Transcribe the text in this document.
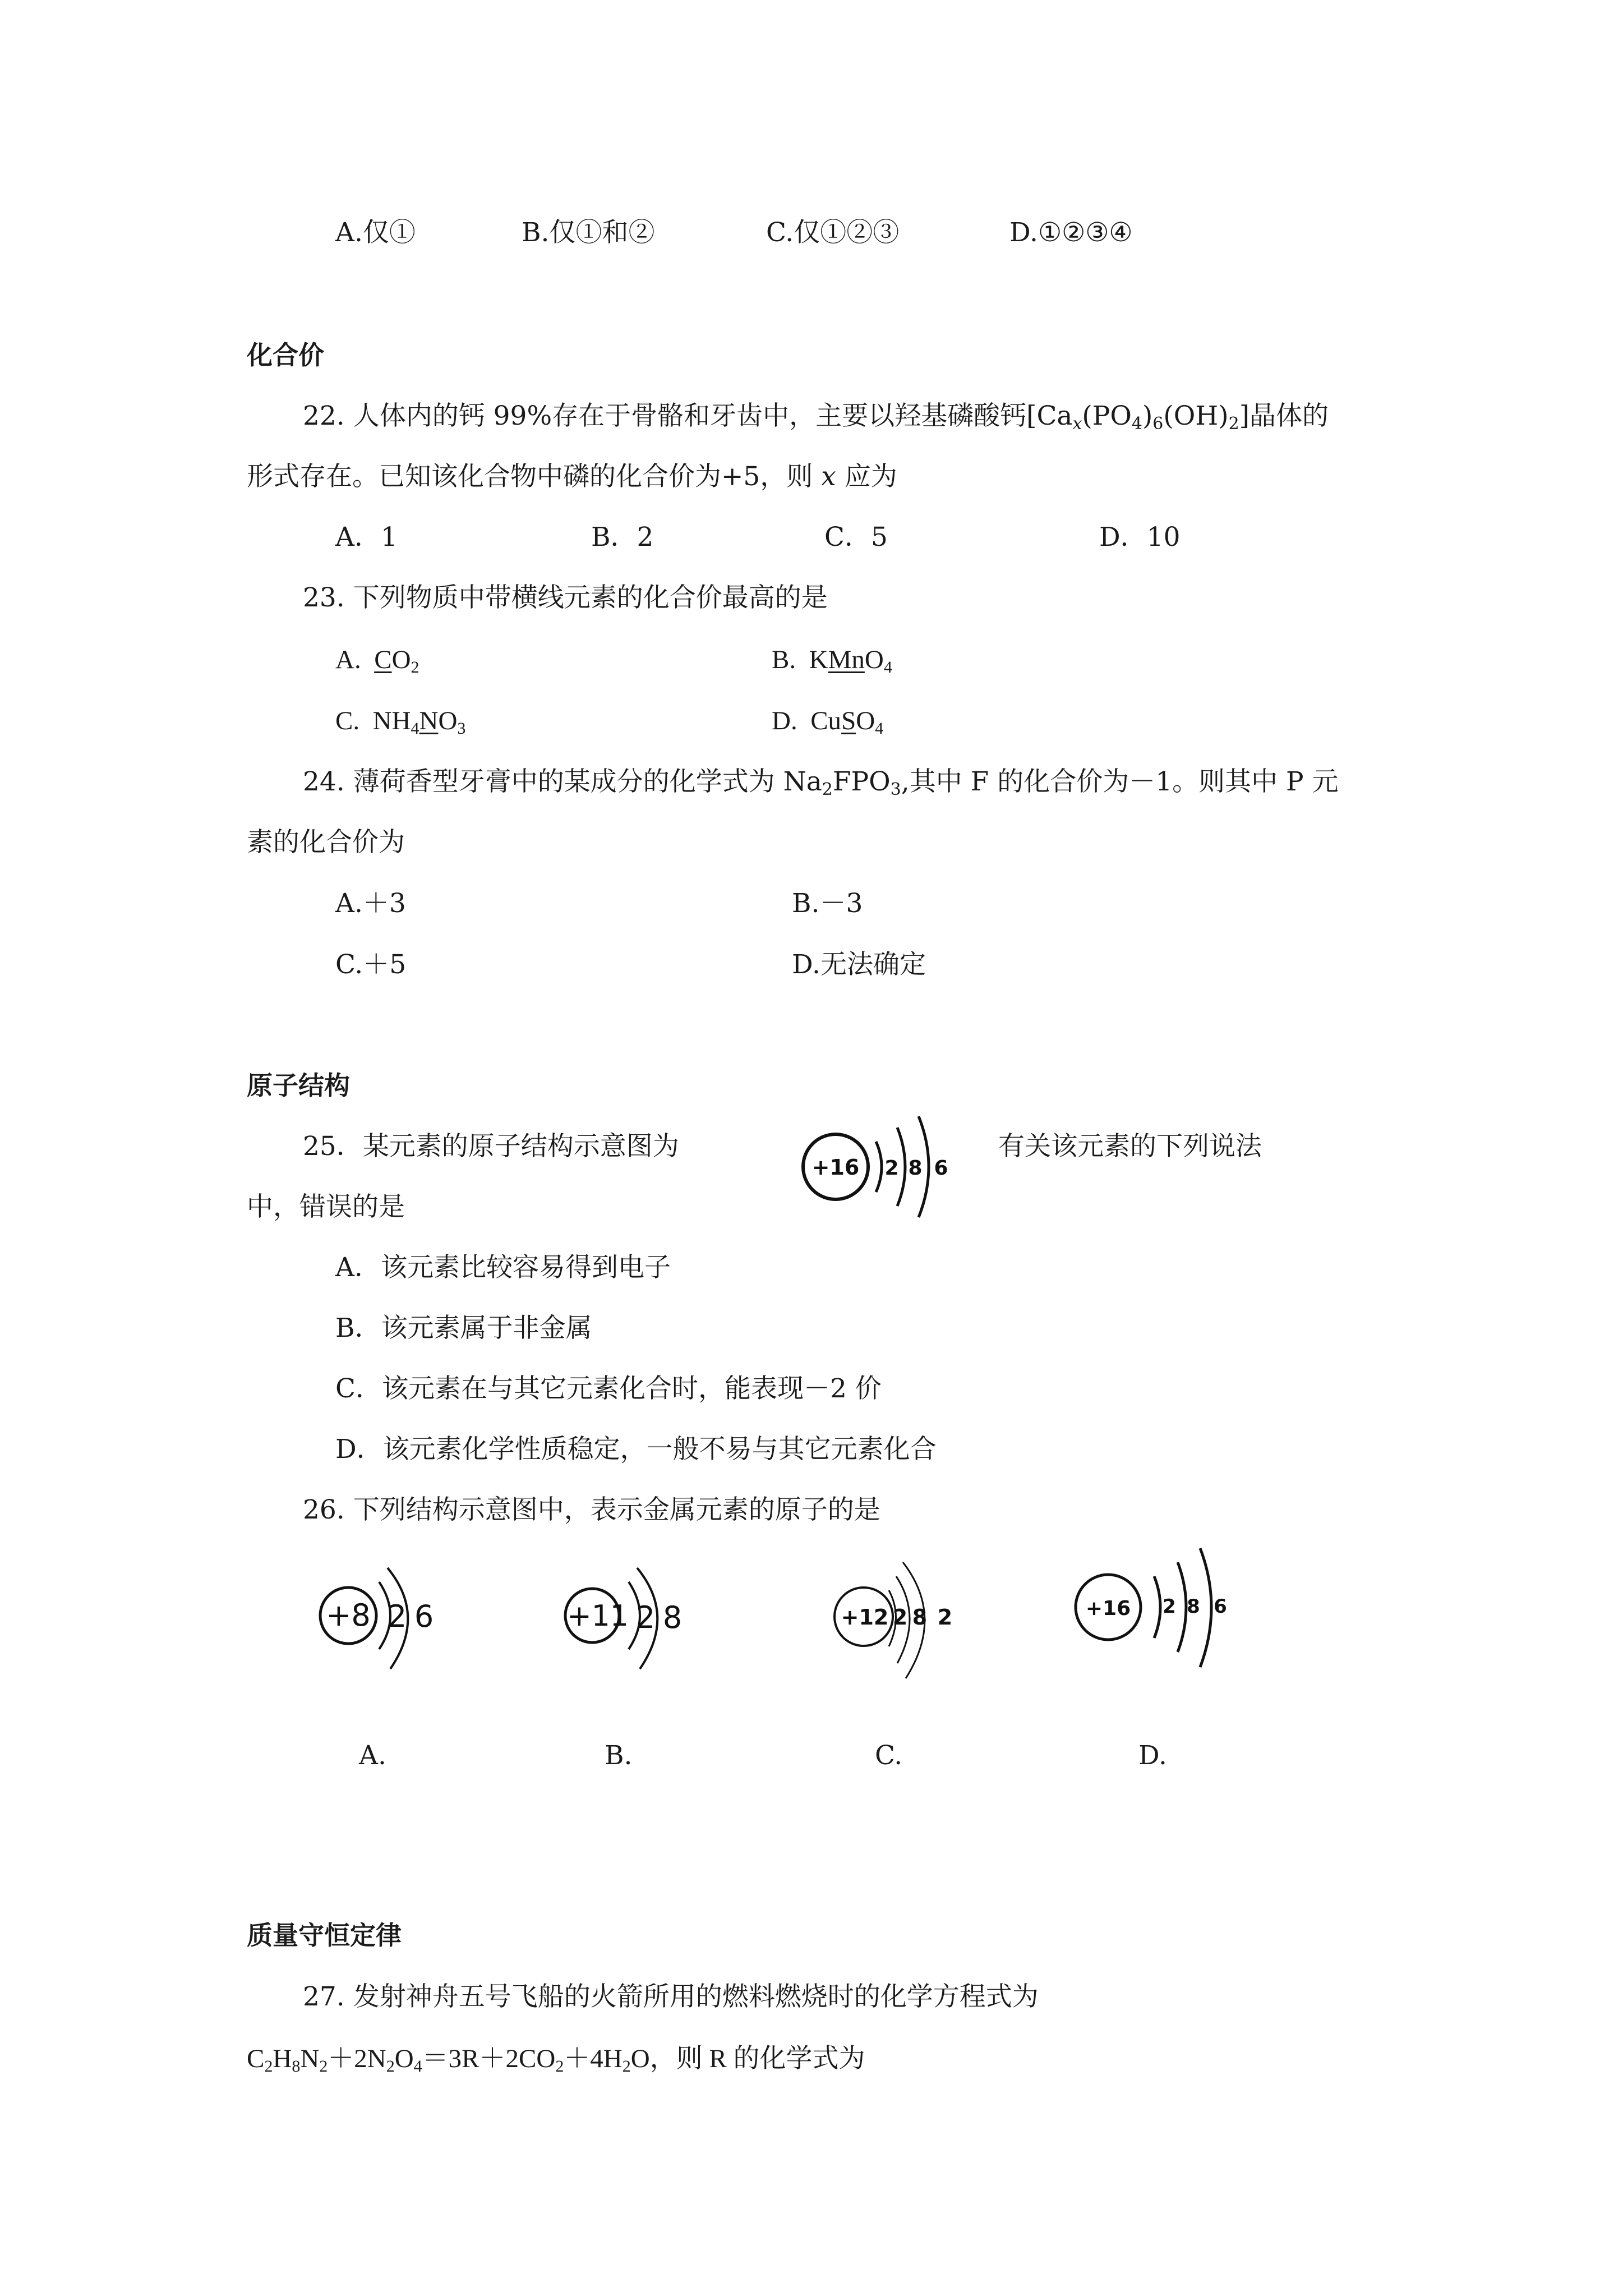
A.仅①	B.仅①和②	C.仅①②③	D.①②③④
化合价
22. 人体内的钙 99%存在于骨骼和牙齿中，主要以羟基磷酸钙$[Ca_x(PO_4)_6(OH)_2]$晶体的
形式存在。已知该化合物中磷的化合价为+5，则 x 应为
A．1	B．2	C．5	D．10
23. 下列物质中带横线元素的化合价最高的是
A. $CO_2$	B. KMnO$_4$
C. $NH_4NO_3$	D. CuSO$_4$
24. 薄荷香型牙膏中的某成分的化学式为 $Na_2FPO_3$,其中 F 的化合价为－1。则其中 P 元
素的化合价为
A.＋3	B.－3
C.＋5	D.无法确定
原子结构
25．某元素的原子结构示意图为	有关该元素的下列说法
中，错误的是
+16 2 8 6
A．该元素比较容易得到电子
B．该元素属于非金属
C．该元素在与其它元素化合时，能表现－2 价
D．该元素化学性质稳定，一般不易与其它元素化合
26. 下列结构示意图中，表示金属元素的原子的是
+8 2 6	+11 2 8	+12 2 8 2	+16 2 8 6
A.	B.	C.	D.
质量守恒定律
27. 发射神舟五号飞船的火箭所用的燃料燃烧时的化学方程式为
$C_2H_8N_2+2N_2O_4=3R+2CO_2+4H_2O$，则 R 的化学式为
